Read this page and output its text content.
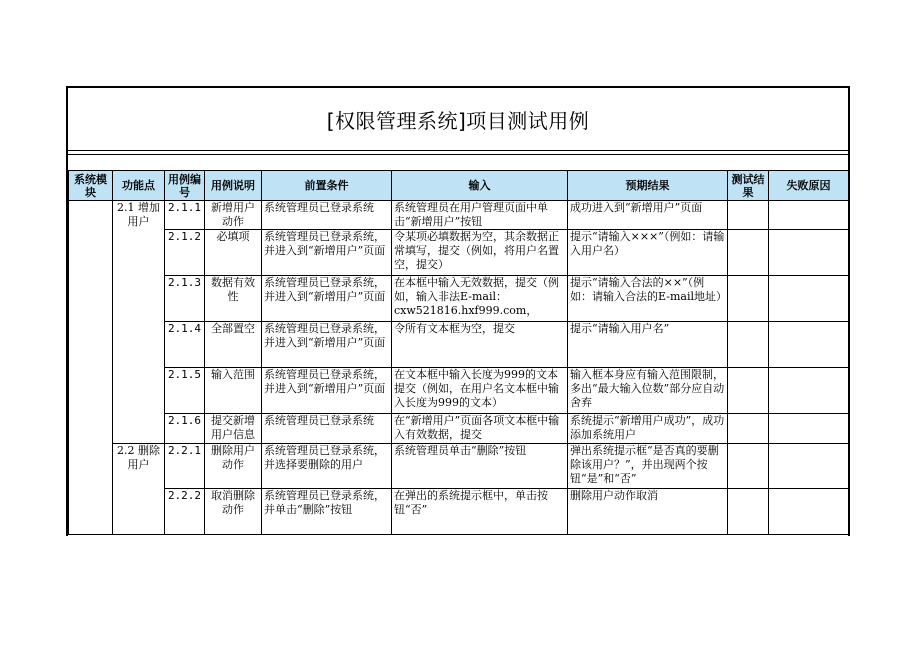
[权限管理系统]项目测试用例
系统模块	功能点	用例编号	用例说明	前置条件	输入	预期结果	测试结果	失败原因
	2.1 增加用户	2.1.1	新增用户动作	系统管理员已登录系统	系统管理员在用户管理页面中单击“新增用户”按钮	成功进入到“新增用户”页面		
		2.1.2	必填项	系统管理员已登录系统，并进入到“新增用户”页面	令某项必填数据为空，其余数据正常填写，提交（例如，将用户名置空，提交）	提示“请输入×××”（例如：请输入用户名）		
		2.1.3	数据有效性	系统管理员已登录系统，并进入到“新增用户”页面	在本框中输入无效数据，提交（例如，输入非法E-mail：cxw521816.hxf999.com，	提示“请输入合法的××”（例如：请输入合法的E-mail地址）		
		2.1.4	全部置空	系统管理员已登录系统，并进入到“新增用户”页面	令所有文本框为空，提交	提示“请输入用户名”		
		2.1.5	输入范围	系统管理员已登录系统，并进入到“新增用户”页面	在文本框中输入长度为999的文本提交（例如，在用户名文本框中输入长度为999的文本）	输入框本身应有输入范围限制，多出“最大输入位数”部分应自动舍弃		
		2.1.6	提交新增用户信息	系统管理员已登录系统	在“新增用户”页面各项文本框中输入有效数据，提交	系统提示“新增用户成功”，成功添加系统用户		
	2.2 删除用户	2.2.1	删除用户动作	系统管理员已登录系统，并选择要删除的用户	系统管理员单击“删除”按钮	弹出系统提示框“是否真的要删除该用户？”，并出现两个按钮“是”和“否”		
		2.2.2	取消删除动作	系统管理员已登录系统，并单击“删除”按钮	在弹出的系统提示框中，单击按钮“否”	删除用户动作取消		
